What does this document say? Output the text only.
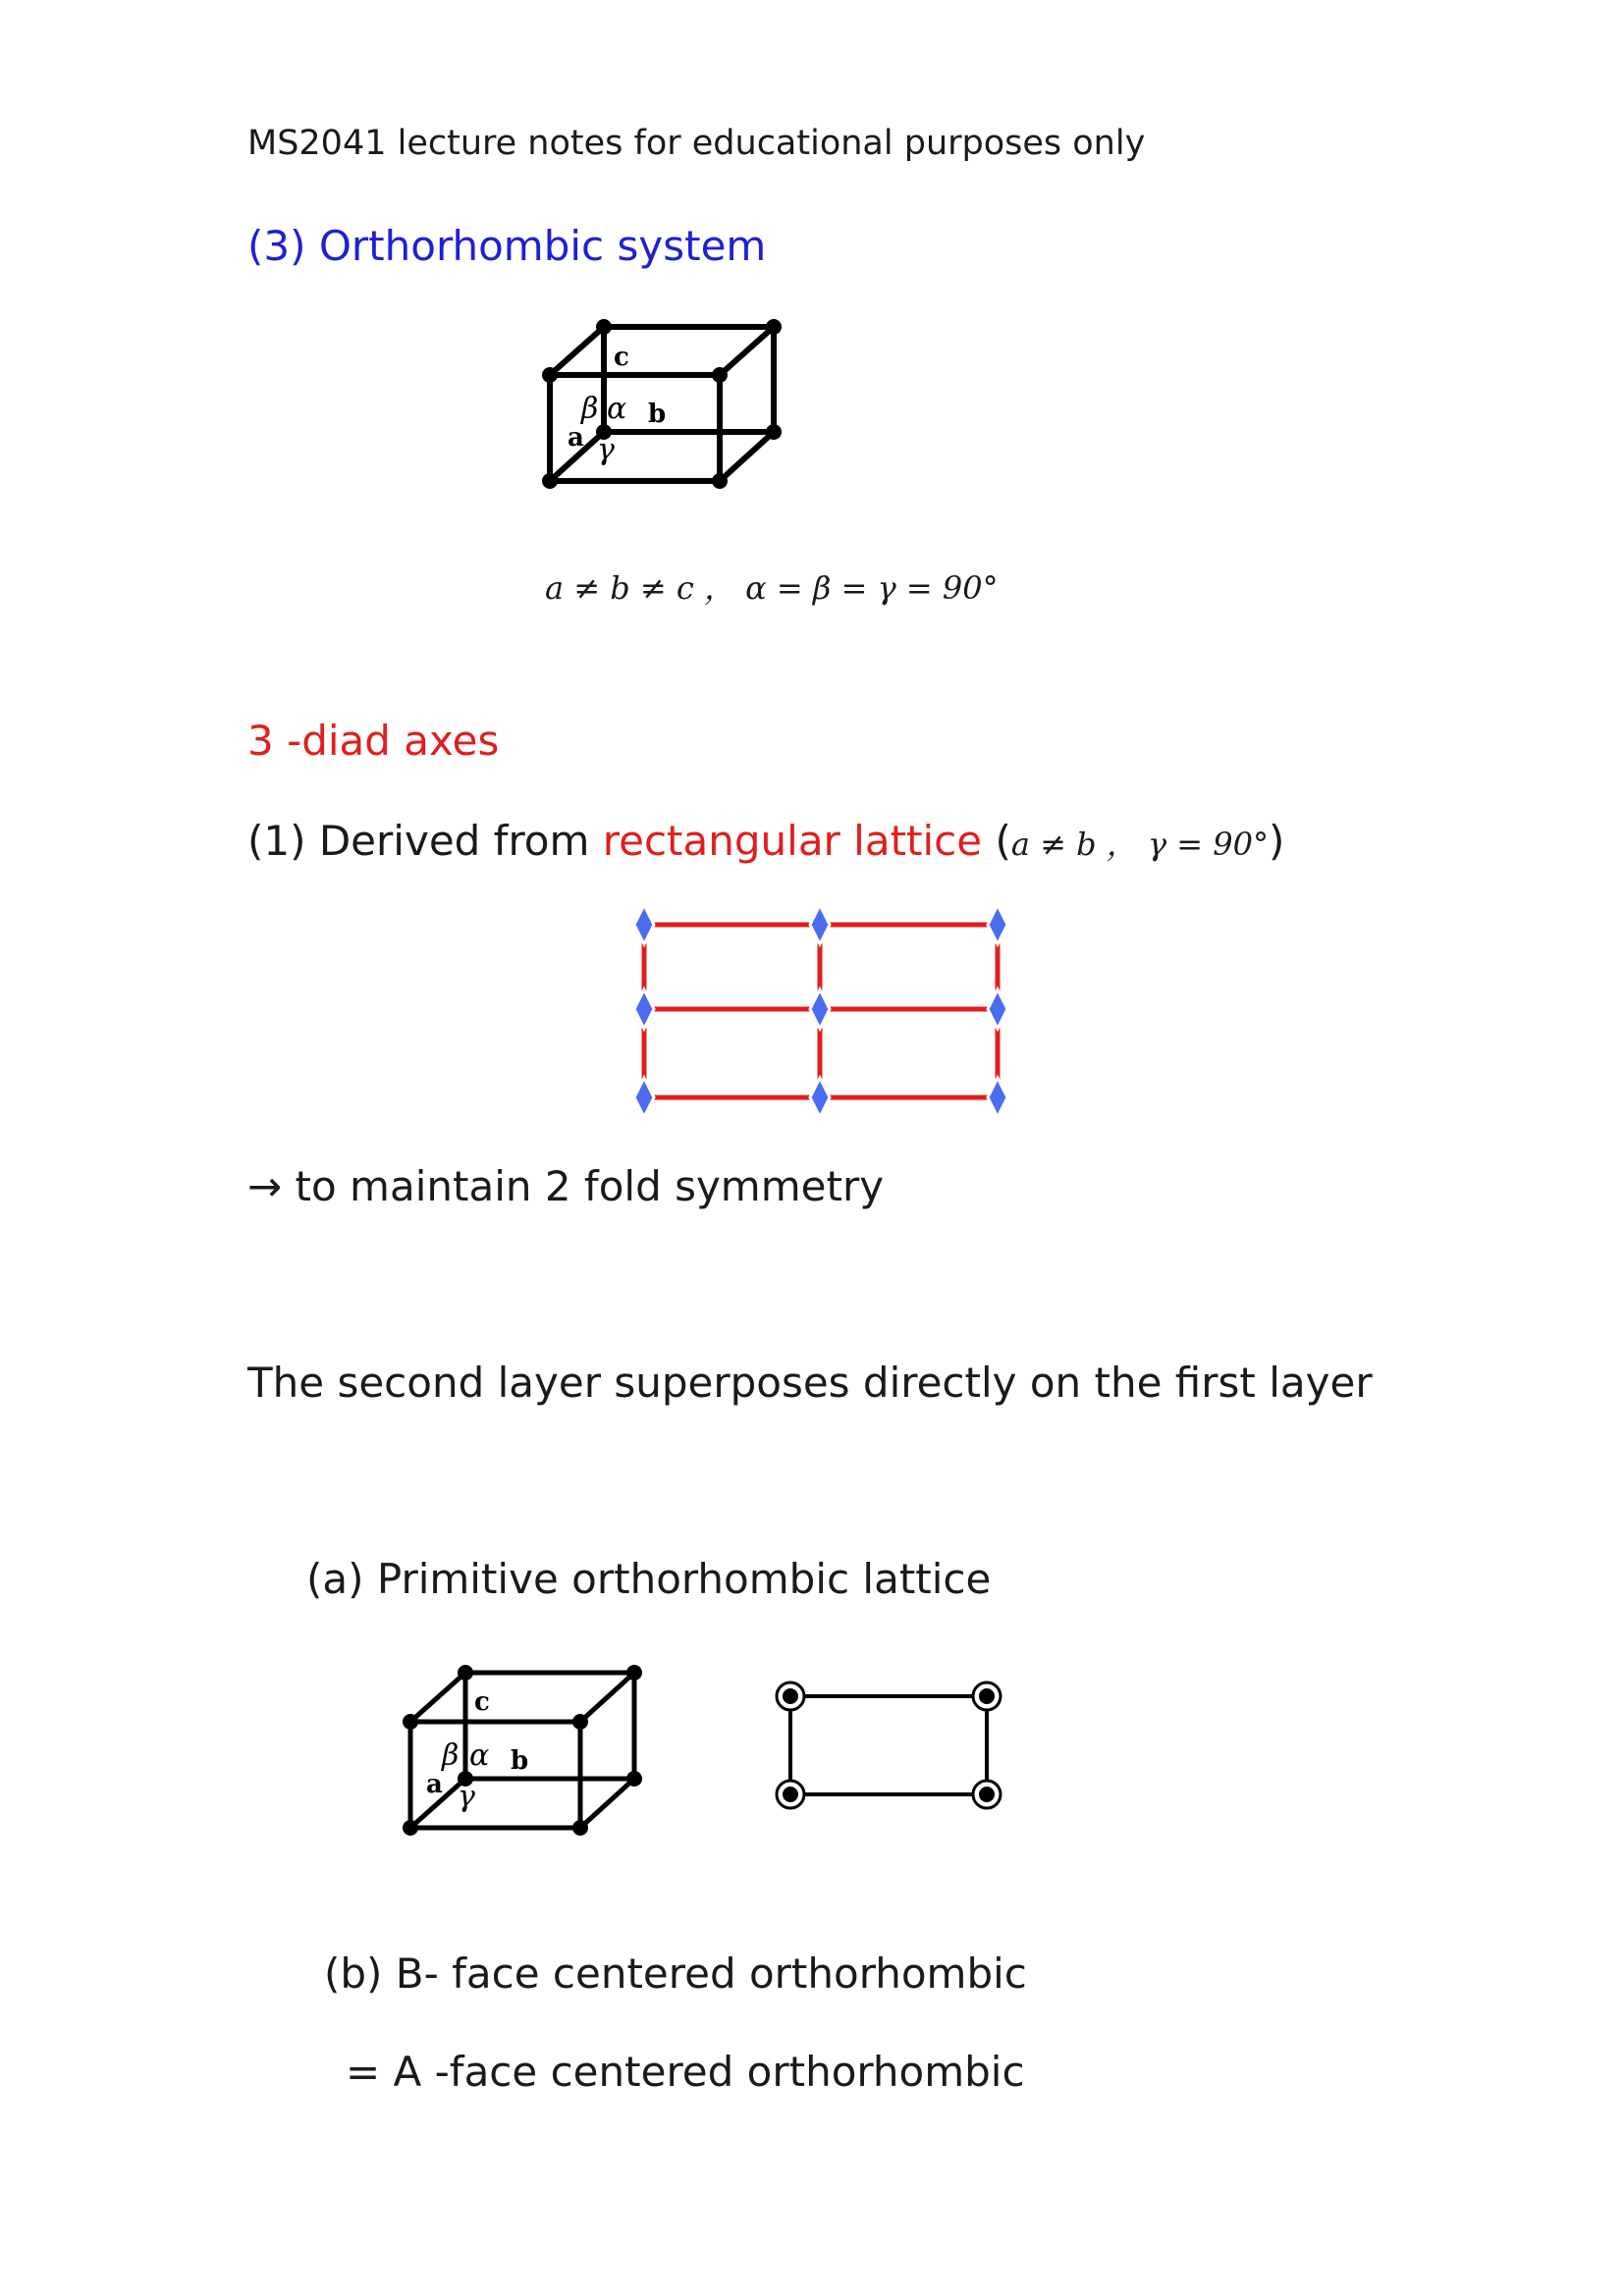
MS2041 lecture notes for educational purposes only
(3) Orthorhombic system
c
β α b
a γ
a ≠ b ≠ c ， α = β = γ = 90°
3 -diad axes
(1) Derived from rectangular lattice (a ≠ b ， γ = 90°)
→ to maintain 2 fold symmetry
The second layer superposes directly on the first layer
(a) Primitive orthorhombic lattice
c
β α b
a γ
(b) B- face centered orthorhombic
= A -face centered orthorhombic
